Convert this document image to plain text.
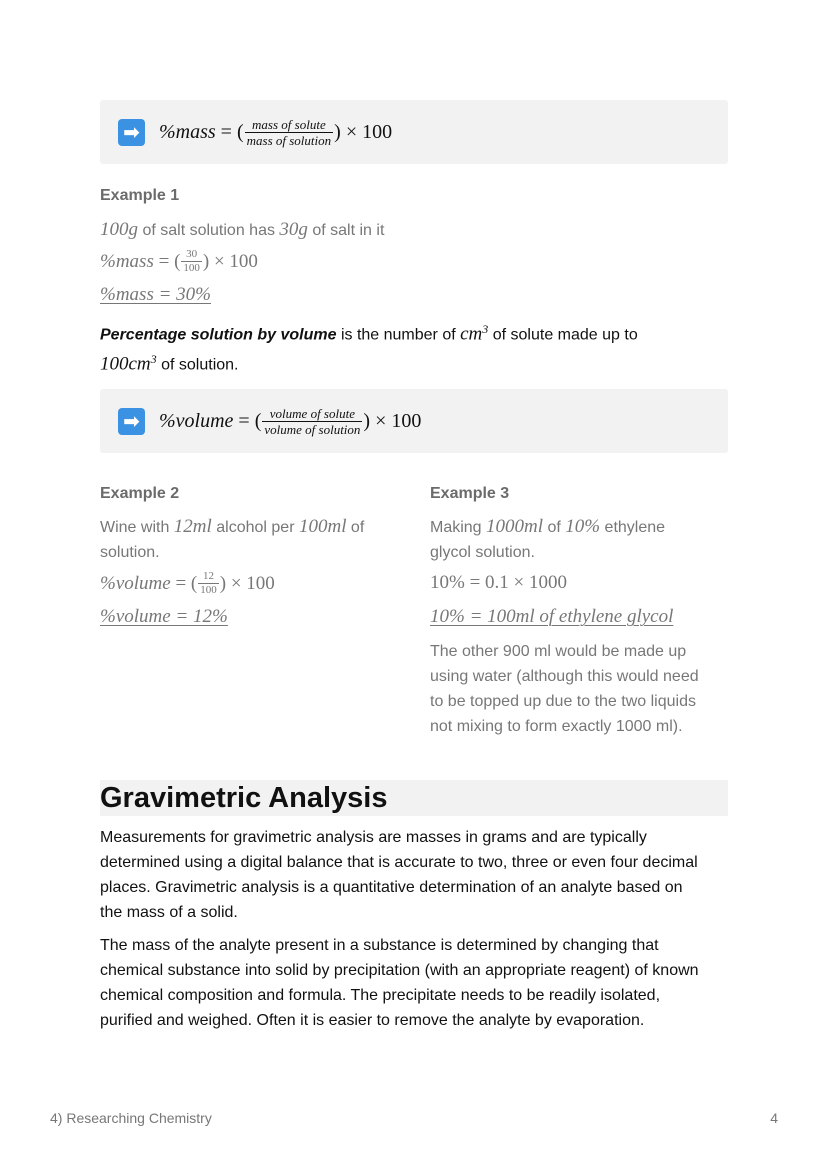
➡ %mass
= ( $\frac{\text{mass of solute}}{\text{mass of solution}}$ ) × 100
Example 1
100g of salt solution has 30g of salt in it
%mass
= ( $\frac{30}{100}$ ) × 100
%mass = 30%
Percentage solution by volume is the number of $cm^3$ of solute made up to
$100cm^3$ of solution.
➡ %volume
= ( $\frac{\text{volume of solute}}{\text{volume of solution}}$ ) × 100
Example 2
Wine with 12ml alcohol per 100ml of
solution.
%volume
= ( $\frac{12}{100}$ ) × 100
%volume = 12%
Example 3
Making 1000ml of 10% ethylene
glycol solution.
10% = 0.1 × 1000
10% = 100ml of ethylene glycol
The other 900 ml would be made up
using water (although this would need
to be topped up due to the two liquids
not mixing to form exactly 1000 ml).
Gravimetric Analysis
Measurements for gravimetric analysis are masses in grams and are typically
determined using a digital balance that is accurate to two, three or even four decimal
places. Gravimetric analysis is a quantitative determination of an analyte based on
the mass of a solid.
The mass of the analyte present in a substance is determined by changing that
chemical substance into solid by precipitation (with an appropriate reagent) of known
chemical composition and formula. The precipitate needs to be readily isolated,
purified and weighed. Often it is easier to remove the analyte by evaporation.
4) Researching Chemistry	4
